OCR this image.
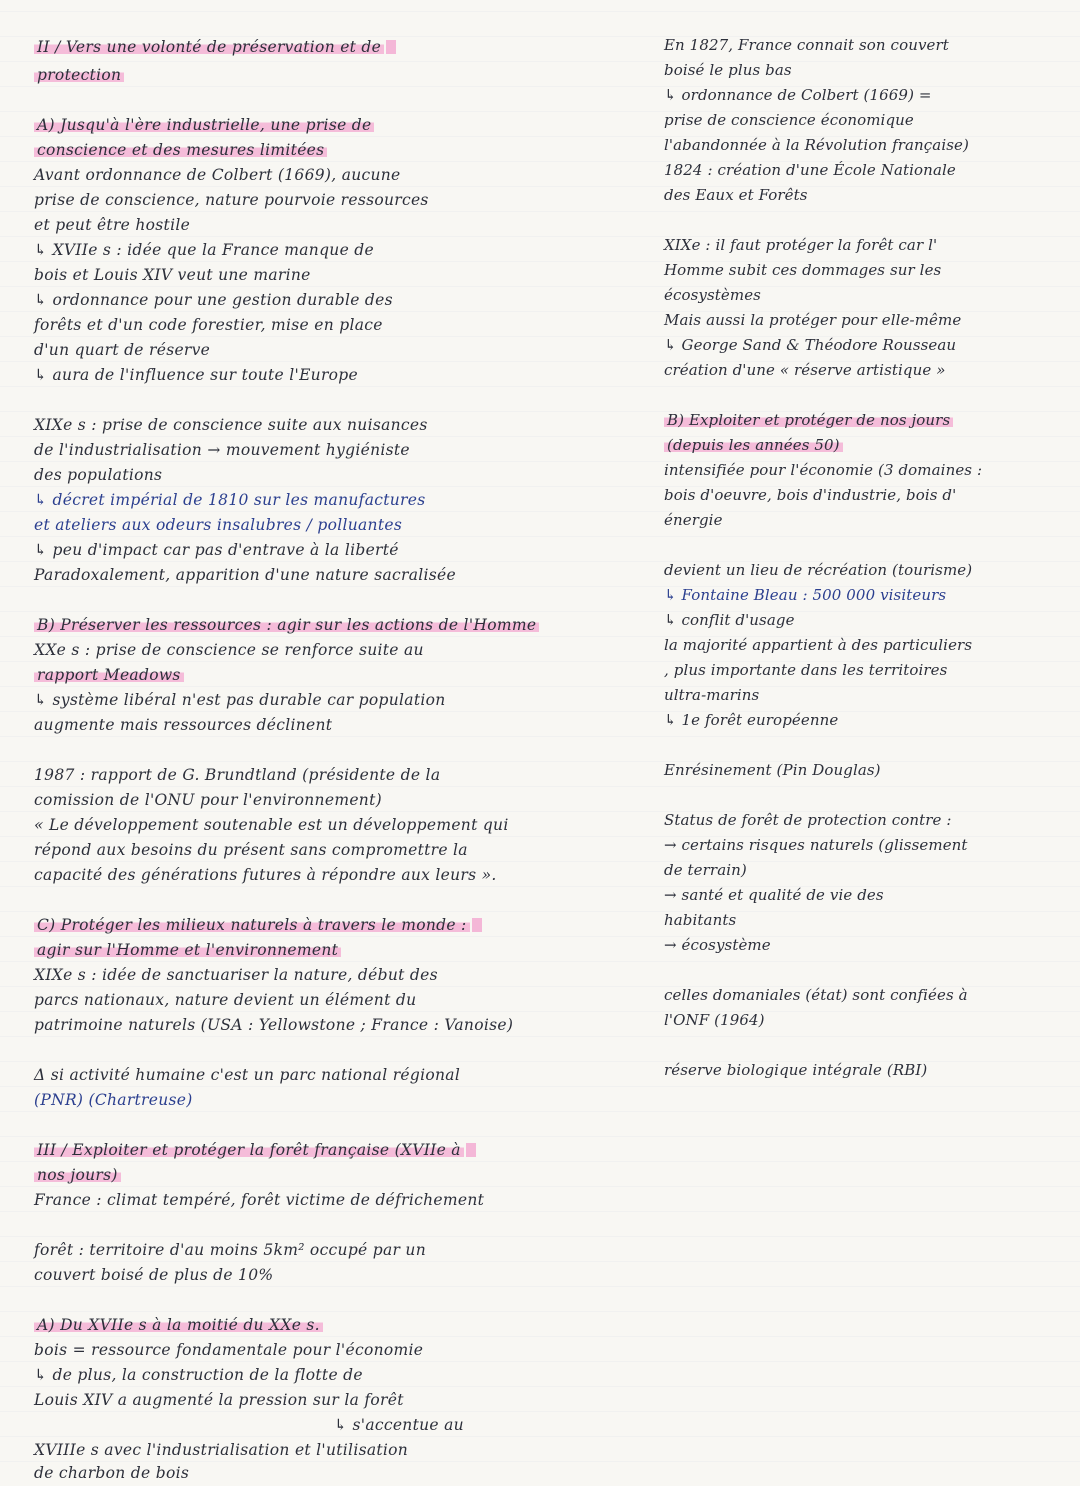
II / Vers une volonté de préservation et de
protection
A) Jusqu'à l'ère industrielle, une prise de
conscience et des mesures limitées
Avant ordonnance de Colbert (1669), aucune
prise de conscience, nature pourvoie ressources
et peut être hostile
↳ XVIIe s : idée que la France manque de
bois et Louis XIV veut une marine
↳ ordonnance pour une gestion durable des
forêts et d'un code forestier, mise en place
d'un quart de réserve
↳ aura de l'influence sur toute l'Europe
XIXe s : prise de conscience suite aux nuisances
de l'industrialisation → mouvement hygiéniste
des populations
↳ décret impérial de 1810 sur les manufactures
et ateliers aux odeurs insalubres / polluantes
↳ peu d'impact car pas d'entrave à la liberté
Paradoxalement, apparition d'une nature sacralisée
B) Préserver les ressources : agir sur les actions de l'Homme
XXe s : prise de conscience se renforce suite au
rapport Meadows
↳ système libéral n'est pas durable car population
augmente mais ressources déclinent
1987 : rapport de G. Brundtland (présidente de la
comission de l'ONU pour l'environnement)
« Le développement soutenable est un développement qui
répond aux besoins du présent sans compromettre la
capacité des générations futures à répondre aux leurs ».
C) Protéger les milieux naturels à travers le monde :
agir sur l'Homme et l'environnement
XIXe s : idée de sanctuariser la nature, début des
parcs nationaux, nature devient un élément du
patrimoine naturels (USA : Yellowstone ; France : Vanoise)
Δ si activité humaine c'est un parc national régional
(PNR) (Chartreuse)
III / Exploiter et protéger la forêt française (XVIIe à
nos jours)
France : climat tempéré, forêt victime de défrichement
forêt : territoire d'au moins 5km² occupé par un
couvert boisé de plus de 10%
A) Du XVIIe s à la moitié du XXe s.
bois = ressource fondamentale pour l'économie
↳ de plus, la construction de la flotte de
Louis XIV a augmenté la pression sur la forêt
↳ s'accentue au
XVIIIe s avec l'industrialisation et l'utilisation
de charbon de bois
En 1827, France connait son couvert
boisé le plus bas
↳ ordonnance de Colbert (1669) =
prise de conscience économique
l'abandonnée à la Révolution française)
1824 : création d'une École Nationale
des Eaux et Forêts
XIXe : il faut protéger la forêt car l'
Homme subit ces dommages sur les
écosystèmes
Mais aussi la protéger pour elle-même
↳ George Sand & Théodore Rousseau
création d'une « réserve artistique »
B) Exploiter et protéger de nos jours
(depuis les années 50)
intensifiée pour l'économie (3 domaines :
bois d'oeuvre, bois d'industrie, bois d'
énergie
devient un lieu de récréation (tourisme)
↳ Fontaine Bleau : 500 000 visiteurs
↳ conflit d'usage
la majorité appartient à des particuliers
, plus importante dans les territoires
ultra-marins
↳ 1e forêt européenne
Enrésinement (Pin Douglas)
Status de forêt de protection contre :
→ certains risques naturels (glissement
de terrain)
→ santé et qualité de vie des
habitants
→ écosystème
celles domaniales (état) sont confiées à
l'ONF (1964)
réserve biologique intégrale (RBI)
